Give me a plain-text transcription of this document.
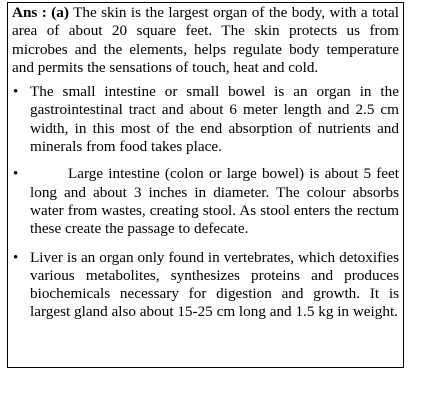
Ans : (a) The skin is the largest organ of the body, with a total area of about 20 square feet. The skin protects us from microbes and the elements, helps regulate body temperature and permits the sensations of touch, heat and cold.

• The small intestine or small bowel is an organ in the gastrointestinal tract and about 6 meter length and 2.5 cm width, in this most of the end absorption of nutrients and minerals from food takes place.
•	Large intestine (colon or large bowel) is about 5 feet long and about 3 inches in diameter. The colour absorbs water from wastes, creating stool. As stool enters the rectum these create the passage to defecate.
• Liver is an organ only found in vertebrates, which detoxifies various metabolites, synthesizes proteins and produces biochemicals necessary for digestion and growth. It is largest gland also about 15-25 cm long and 1.5 kg in weight.
